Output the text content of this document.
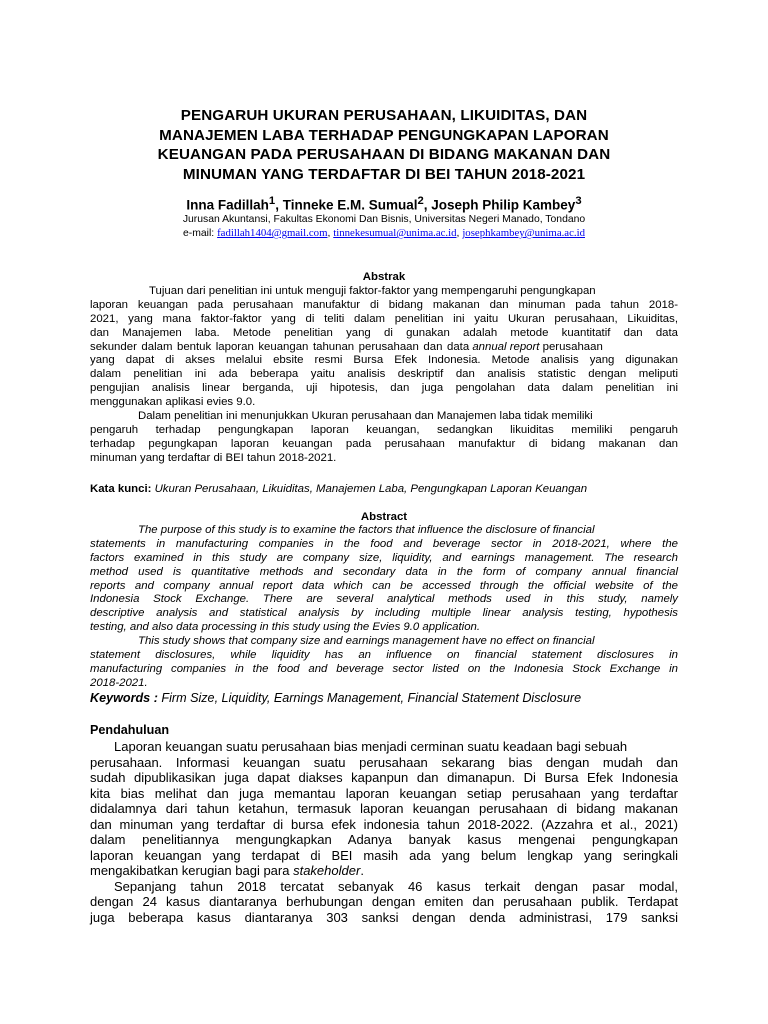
PENGARUH UKURAN PERUSAHAAN, LIKUIDITAS, DAN
MANAJEMEN LABA TERHADAP PENGUNGKAPAN LAPORAN
KEUANGAN PADA PERUSAHAAN DI BIDANG MAKANAN DAN
MINUMAN YANG TERDAFTAR DI BEI TAHUN 2018-2021
Inna Fadillah$^1$, Tinneke E.M. Sumual$^2$, Joseph Philip Kambey$^3$
Jurusan Akuntansi, Fakultas Ekonomi Dan Bisnis, Universitas Negeri Manado, Tondano
e-mail: fadillah1404@gmail.com, tinnekesumual@unima.ac.id, josephkambey@unima.ac.id
Abstrak
Tujuan dari penelitian ini untuk menguji faktor-faktor yang mempengaruhi pengungkapan
laporan keuangan pada perusahaan manufaktur di bidang makanan dan minuman pada tahun 2018-
2021, yang mana faktor-faktor yang di teliti dalam penelitian ini yaitu Ukuran perusahaan, Likuiditas,
dan Manajemen laba. Metode penelitian yang di gunakan adalah metode kuantitatif dan data
sekunder dalam bentuk laporan keuangan tahunan perusahaan dan data annual report perusahaan
yang dapat di akses melalui ebsite resmi Bursa Efek Indonesia. Metode analisis yang digunakan
dalam penelitian ini ada beberapa yaitu analisis deskriptif dan analisis statistic dengan meliputi
pengujian analisis linear berganda, uji hipotesis, dan juga pengolahan data dalam penelitian ini
menggunakan aplikasi evies 9.0.
Dalam penelitian ini menunjukkan Ukuran perusahaan dan Manajemen laba tidak memiliki
pengaruh terhadap pengungkapan laporan keuangan, sedangkan likuiditas memiliki pengaruh
terhadap pegungkapan laporan keuangan pada perusahaan manufaktur di bidang makanan dan
minuman yang terdaftar di BEI tahun 2018-2021.
Kata kunci: Ukuran Perusahaan, Likuiditas, Manajemen Laba, Pengungkapan Laporan Keuangan
Abstract
The purpose of this study is to examine the factors that influence the disclosure of financial
statements in manufacturing companies in the food and beverage sector in 2018-2021, where the
factors examined in this study are company size, liquidity, and earnings management. The research
method used is quantitative methods and secondary data in the form of company annual financial
reports and company annual report data which can be accessed through the official website of the
Indonesia Stock Exchange. There are several analytical methods used in this study, namely
descriptive analysis and statistical analysis by including multiple linear analysis testing, hypothesis
testing, and also data processing in this study using the Evies 9.0 application.
This study shows that company size and earnings management have no effect on financial
statement disclosures, while liquidity has an influence on financial statement disclosures in
manufacturing companies in the food and beverage sector listed on the Indonesia Stock Exchange in
2018-2021.
Keywords : Firm Size, Liquidity, Earnings Management, Financial Statement Disclosure
Pendahuluan
Laporan keuangan suatu perusahaan bias menjadi cerminan suatu keadaan bagi sebuah
perusahaan. Informasi keuangan suatu perusahaan sekarang bias dengan mudah dan
sudah dipublikasikan juga dapat diakses kapanpun dan dimanapun. Di Bursa Efek Indonesia
kita bias melihat dan juga memantau laporan keuangan setiap perusahaan yang terdaftar
didalamnya dari tahun ketahun, termasuk laporan keuangan perusahaan di bidang makanan
dan minuman yang terdaftar di bursa efek indonesia tahun 2018-2022. (Azzahra et al., 2021)
dalam penelitiannya mengungkapkan Adanya banyak kasus mengenai pengungkapan
laporan keuangan yang terdapat di BEI masih ada yang belum lengkap yang seringkali
mengakibatkan kerugian bagi para stakeholder.
Sepanjang tahun 2018 tercatat sebanyak 46 kasus terkait dengan pasar modal,
dengan 24 kasus diantaranya berhubungan dengan emiten dan perusahaan publik. Terdapat
juga beberapa kasus diantaranya 303 sanksi dengan denda administrasi, 179 sanksi
